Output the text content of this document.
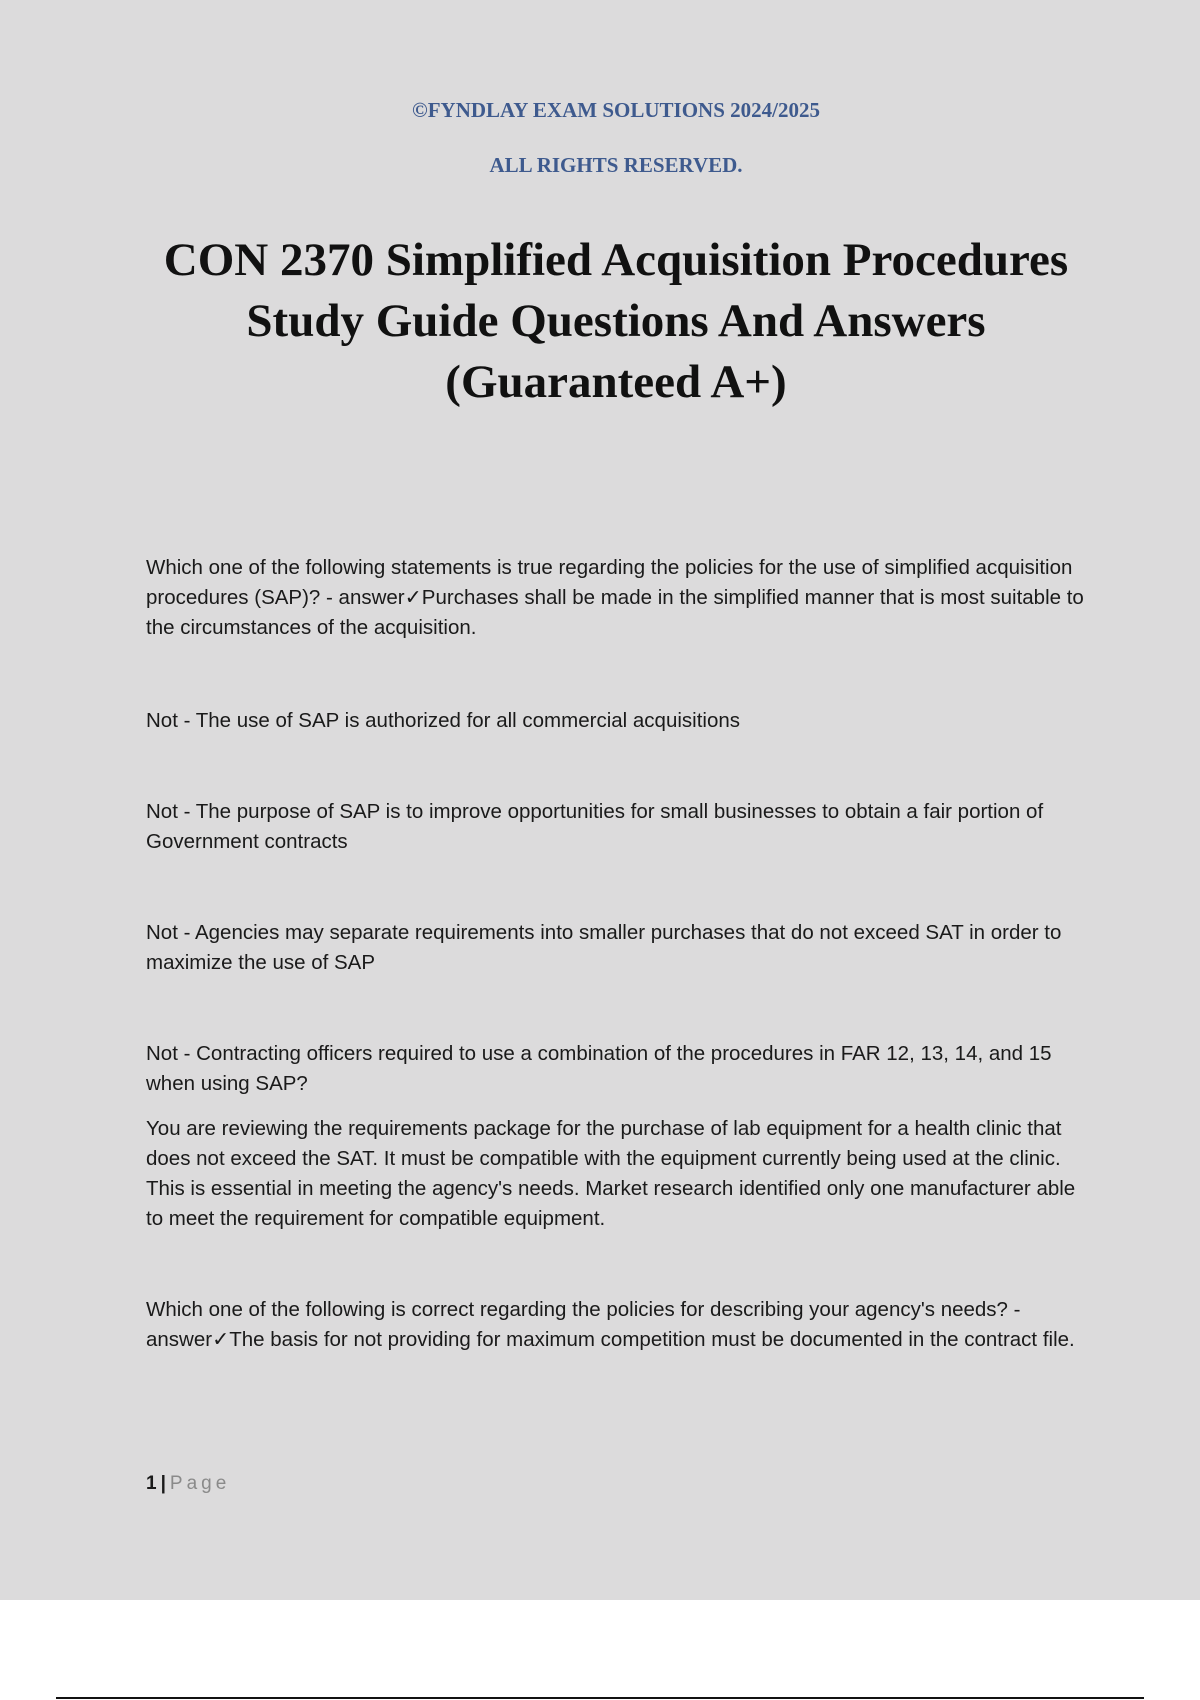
©FYNDLAY EXAM SOLUTIONS 2024/2025

ALL RIGHTS RESERVED.

CON 2370 Simplified Acquisition Procedures
Study Guide Questions And Answers
(Guaranteed A+)

Which one of the following statements is true regarding the policies for the use of simplified acquisition procedures (SAP)? - answer✓Purchases shall be made in the simplified manner that is most suitable to the circumstances of the acquisition.

Not - The use of SAP is authorized for all commercial acquisitions

Not - The purpose of SAP is to improve opportunities for small businesses to obtain a fair portion of Government contracts

Not - Agencies may separate requirements into smaller purchases that do not exceed SAT in order to maximize the use of SAP

Not - Contracting officers required to use a combination of the procedures in FAR 12, 13, 14, and 15 when using SAP?

You are reviewing the requirements package for the purchase of lab equipment for a health clinic that does not exceed the SAT. It must be compatible with the equipment currently being used at the clinic. This is essential in meeting the agency's needs. Market research identified only one manufacturer able to meet the requirement for compatible equipment.

Which one of the following is correct regarding the policies for describing your agency's needs? - answer✓The basis for not providing for maximum competition must be documented in the contract file.

1 | Page
